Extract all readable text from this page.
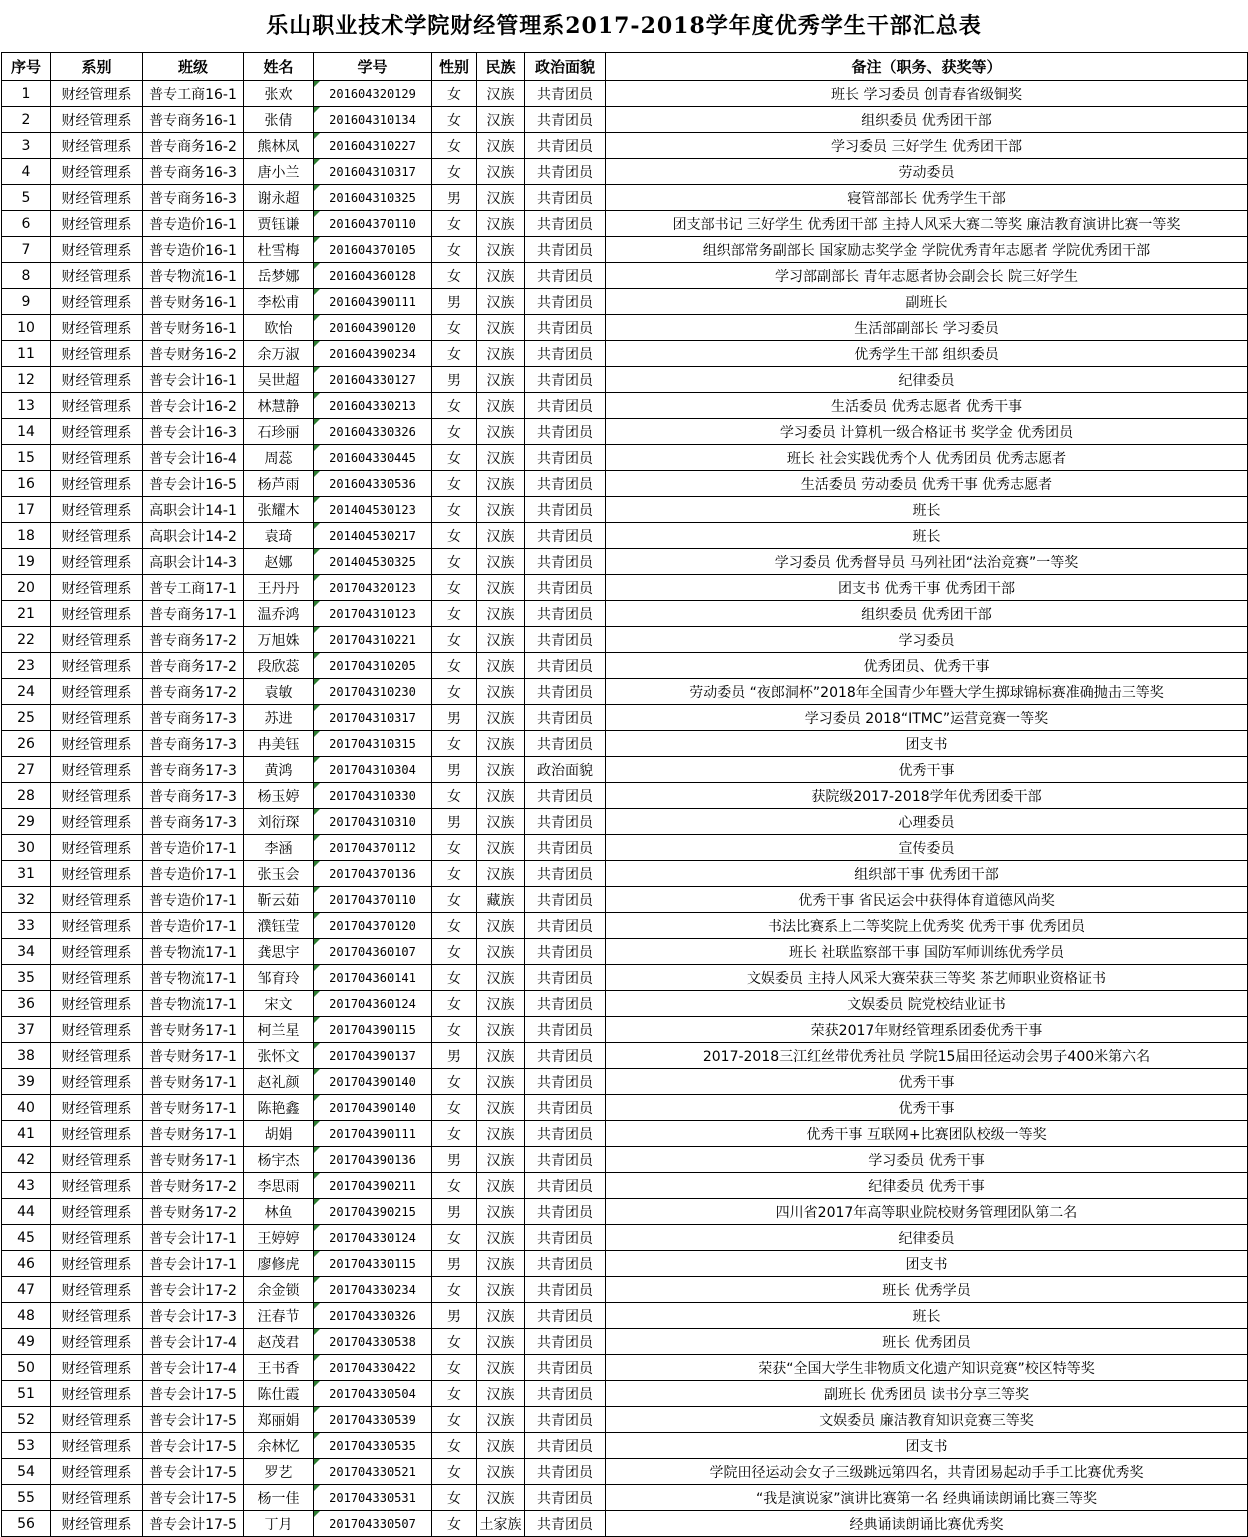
乐山职业技术学院财经管理系2017-2018学年度优秀学生干部汇总表
序号	系别	班级	姓名	学号	性别	民族	政治面貌	备注（职务、获奖等）
1	财经管理系	普专工商16-1	张欢	201604320129	女	汉族	共青团员	班长 学习委员 创青春省级铜奖
2	财经管理系	普专商务16-1	张倩	201604310134	女	汉族	共青团员	组织委员 优秀团干部
3	财经管理系	普专商务16-2	熊林凤	201604310227	女	汉族	共青团员	学习委员 三好学生 优秀团干部
4	财经管理系	普专商务16-3	唐小兰	201604310317	女	汉族	共青团员	劳动委员
5	财经管理系	普专商务16-3	谢永超	201604310325	男	汉族	共青团员	寝管部部长 优秀学生干部
6	财经管理系	普专造价16-1	贾钰谦	201604370110	女	汉族	共青团员	团支部书记 三好学生 优秀团干部 主持人风采大赛二等奖 廉洁教育演讲比赛一等奖
7	财经管理系	普专造价16-1	杜雪梅	201604370105	女	汉族	共青团员	组织部常务副部长 国家励志奖学金 学院优秀青年志愿者 学院优秀团干部
8	财经管理系	普专物流16-1	岳梦娜	201604360128	女	汉族	共青团员	学习部副部长 青年志愿者协会副会长 院三好学生
9	财经管理系	普专财务16-1	李松甫	201604390111	男	汉族	共青团员	副班长
10	财经管理系	普专财务16-1	欧怡	201604390120	女	汉族	共青团员	生活部副部长 学习委员
11	财经管理系	普专财务16-2	余万淑	201604390234	女	汉族	共青团员	优秀学生干部 组织委员
12	财经管理系	普专会计16-1	吴世超	201604330127	男	汉族	共青团员	纪律委员
13	财经管理系	普专会计16-2	林慧静	201604330213	女	汉族	共青团员	生活委员 优秀志愿者 优秀干事
14	财经管理系	普专会计16-3	石珍丽	201604330326	女	汉族	共青团员	学习委员 计算机一级合格证书 奖学金 优秀团员
15	财经管理系	普专会计16-4	周蕊	201604330445	女	汉族	共青团员	班长 社会实践优秀个人 优秀团员 优秀志愿者
16	财经管理系	普专会计16-5	杨芦雨	201604330536	女	汉族	共青团员	生活委员 劳动委员 优秀干事 优秀志愿者
17	财经管理系	高职会计14-1	张耀木	201404530123	女	汉族	共青团员	班长
18	财经管理系	高职会计14-2	袁琦	201404530217	女	汉族	共青团员	班长
19	财经管理系	高职会计14-3	赵娜	201404530325	女	汉族	共青团员	学习委员 优秀督导员 马列社团“法治竞赛”一等奖
20	财经管理系	普专工商17-1	王丹丹	201704320123	女	汉族	共青团员	团支书 优秀干事 优秀团干部
21	财经管理系	普专商务17-1	温乔鸿	201704310123	女	汉族	共青团员	组织委员 优秀团干部
22	财经管理系	普专商务17-2	万旭姝	201704310221	女	汉族	共青团员	学习委员
23	财经管理系	普专商务17-2	段欣蕊	201704310205	女	汉族	共青团员	优秀团员、优秀干事
24	财经管理系	普专商务17-2	袁敏	201704310230	女	汉族	共青团员	劳动委员 “夜郎洞杯”2018年全国青少年暨大学生掷球锦标赛准确抛击三等奖
25	财经管理系	普专商务17-3	苏进	201704310317	男	汉族	共青团员	学习委员 2018“ITMC”运营竞赛一等奖
26	财经管理系	普专商务17-3	冉美钰	201704310315	女	汉族	共青团员	团支书
27	财经管理系	普专商务17-3	黄鸿	201704310304	男	汉族	政治面貌	优秀干事
28	财经管理系	普专商务17-3	杨玉婷	201704310330	女	汉族	共青团员	获院级2017-2018学年优秀团委干部
29	财经管理系	普专商务17-3	刘衍琛	201704310310	男	汉族	共青团员	心理委员
30	财经管理系	普专造价17-1	李涵	201704370112	女	汉族	共青团员	宣传委员
31	财经管理系	普专造价17-1	张玉会	201704370136	女	汉族	共青团员	组织部干事 优秀团干部
32	财经管理系	普专造价17-1	靳云茹	201704370110	女	藏族	共青团员	优秀干事 省民运会中获得体育道德风尚奖
33	财经管理系	普专造价17-1	濮钰莹	201704370120	女	汉族	共青团员	书法比赛系上二等奖院上优秀奖 优秀干事 优秀团员
34	财经管理系	普专物流17-1	龚思宇	201704360107	女	汉族	共青团员	班长 社联监察部干事 国防军师训练优秀学员
35	财经管理系	普专物流17-1	邹育玲	201704360141	女	汉族	共青团员	文娱委员 主持人风采大赛荣获三等奖 茶艺师职业资格证书
36	财经管理系	普专物流17-1	宋文	201704360124	女	汉族	共青团员	文娱委员 院党校结业证书
37	财经管理系	普专财务17-1	柯兰星	201704390115	女	汉族	共青团员	荣获2017年财经管理系团委优秀干事
38	财经管理系	普专财务17-1	张怀文	201704390137	男	汉族	共青团员	2017-2018三江红丝带优秀社员 学院15届田径运动会男子400米第六名
39	财经管理系	普专财务17-1	赵礼颜	201704390140	女	汉族	共青团员	优秀干事
40	财经管理系	普专财务17-1	陈艳鑫	201704390140	女	汉族	共青团员	优秀干事
41	财经管理系	普专财务17-1	胡娟	201704390111	女	汉族	共青团员	优秀干事 互联网+比赛团队校级一等奖
42	财经管理系	普专财务17-1	杨宇杰	201704390136	男	汉族	共青团员	学习委员 优秀干事
43	财经管理系	普专财务17-2	李思雨	201704390211	女	汉族	共青团员	纪律委员 优秀干事
44	财经管理系	普专财务17-2	林鱼	201704390215	男	汉族	共青团员	四川省2017年高等职业院校财务管理团队第二名
45	财经管理系	普专会计17-1	王婷婷	201704330124	女	汉族	共青团员	纪律委员
46	财经管理系	普专会计17-1	廖修虎	201704330115	男	汉族	共青团员	团支书
47	财经管理系	普专会计17-2	余金锁	201704330234	女	汉族	共青团员	班长 优秀学员
48	财经管理系	普专会计17-3	汪春节	201704330326	男	汉族	共青团员	班长
49	财经管理系	普专会计17-4	赵茂君	201704330538	女	汉族	共青团员	班长 优秀团员
50	财经管理系	普专会计17-4	王书香	201704330422	女	汉族	共青团员	荣获“全国大学生非物质文化遗产知识竞赛”校区特等奖
51	财经管理系	普专会计17-5	陈仕霞	201704330504	女	汉族	共青团员	副班长 优秀团员 读书分享三等奖
52	财经管理系	普专会计17-5	郑丽娟	201704330539	女	汉族	共青团员	文娱委员 廉洁教育知识竞赛三等奖
53	财经管理系	普专会计17-5	余林忆	201704330535	女	汉族	共青团员	团支书
54	财经管理系	普专会计17-5	罗艺	201704330521	女	汉族	共青团员	学院田径运动会女子三级跳远第四名，共青团易起动手手工比赛优秀奖
55	财经管理系	普专会计17-5	杨一佳	201704330531	女	汉族	共青团员	“我是演说家”演讲比赛第一名 经典诵读朗诵比赛三等奖
56	财经管理系	普专会计17-5	丁月	201704330507	女	土家族	共青团员	经典诵读朗诵比赛优秀奖
